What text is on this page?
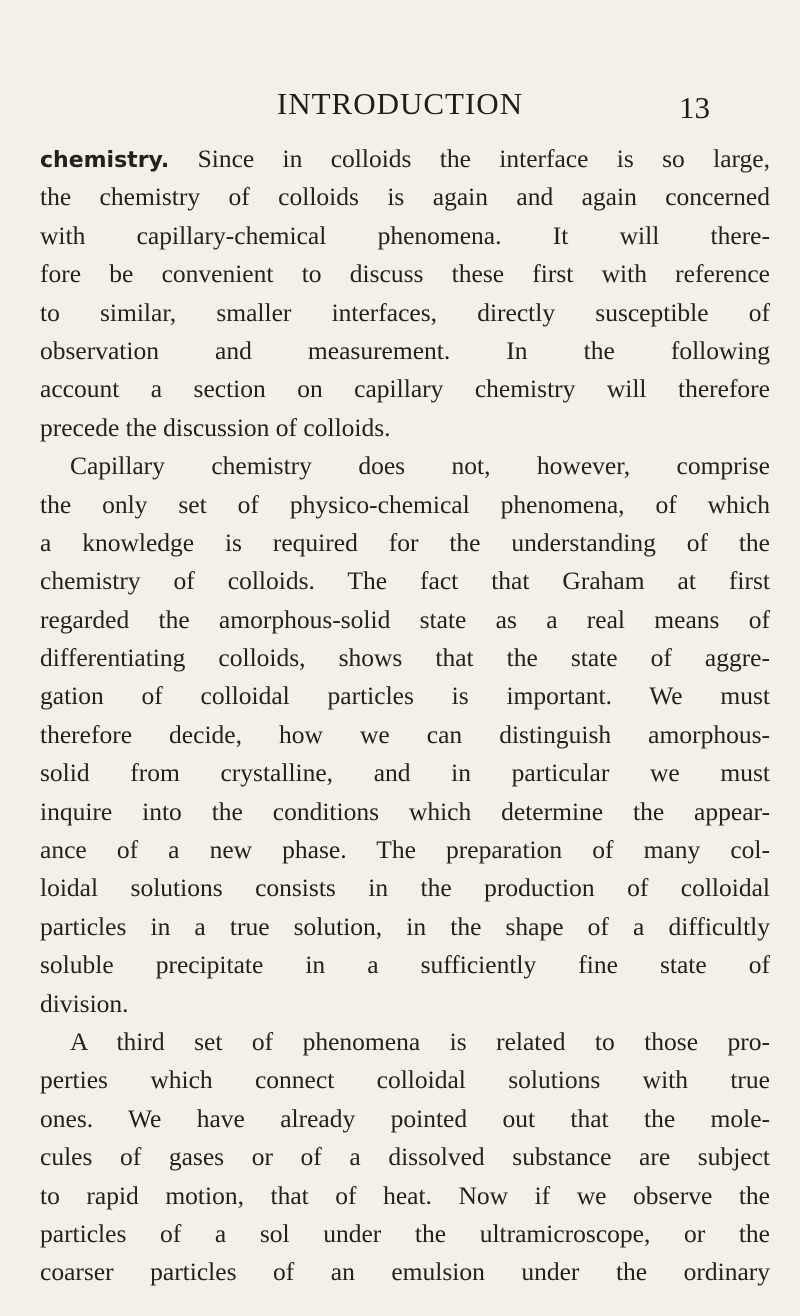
INTRODUCTION	13
chemistry. Since in colloids the interface is so large,
the chemistry of colloids is again and again concerned
with capillary-chemical phenomena. It will there-
fore be convenient to discuss these first with reference
to similar, smaller interfaces, directly susceptible of
observation and measurement. In the following
account a section on capillary chemistry will therefore
precede the discussion of colloids.
Capillary chemistry does not, however, comprise
the only set of physico-chemical phenomena, of which
a knowledge is required for the understanding of the
chemistry of colloids. The fact that Graham at first
regarded the amorphous-solid state as a real means of
differentiating colloids, shows that the state of aggre-
gation of colloidal particles is important. We must
therefore decide, how we can distinguish amorphous-
solid from crystalline, and in particular we must
inquire into the conditions which determine the appear-
ance of a new phase. The preparation of many col-
loidal solutions consists in the production of colloidal
particles in a true solution, in the shape of a difficultly
soluble precipitate in a sufficiently fine state of
division.
A third set of phenomena is related to those pro-
perties which connect colloidal solutions with true
ones. We have already pointed out that the mole-
cules of gases or of a dissolved substance are subject
to rapid motion, that of heat. Now if we observe the
particles of a sol under the ultramicroscope, or the
coarser particles of an emulsion under the ordinary
